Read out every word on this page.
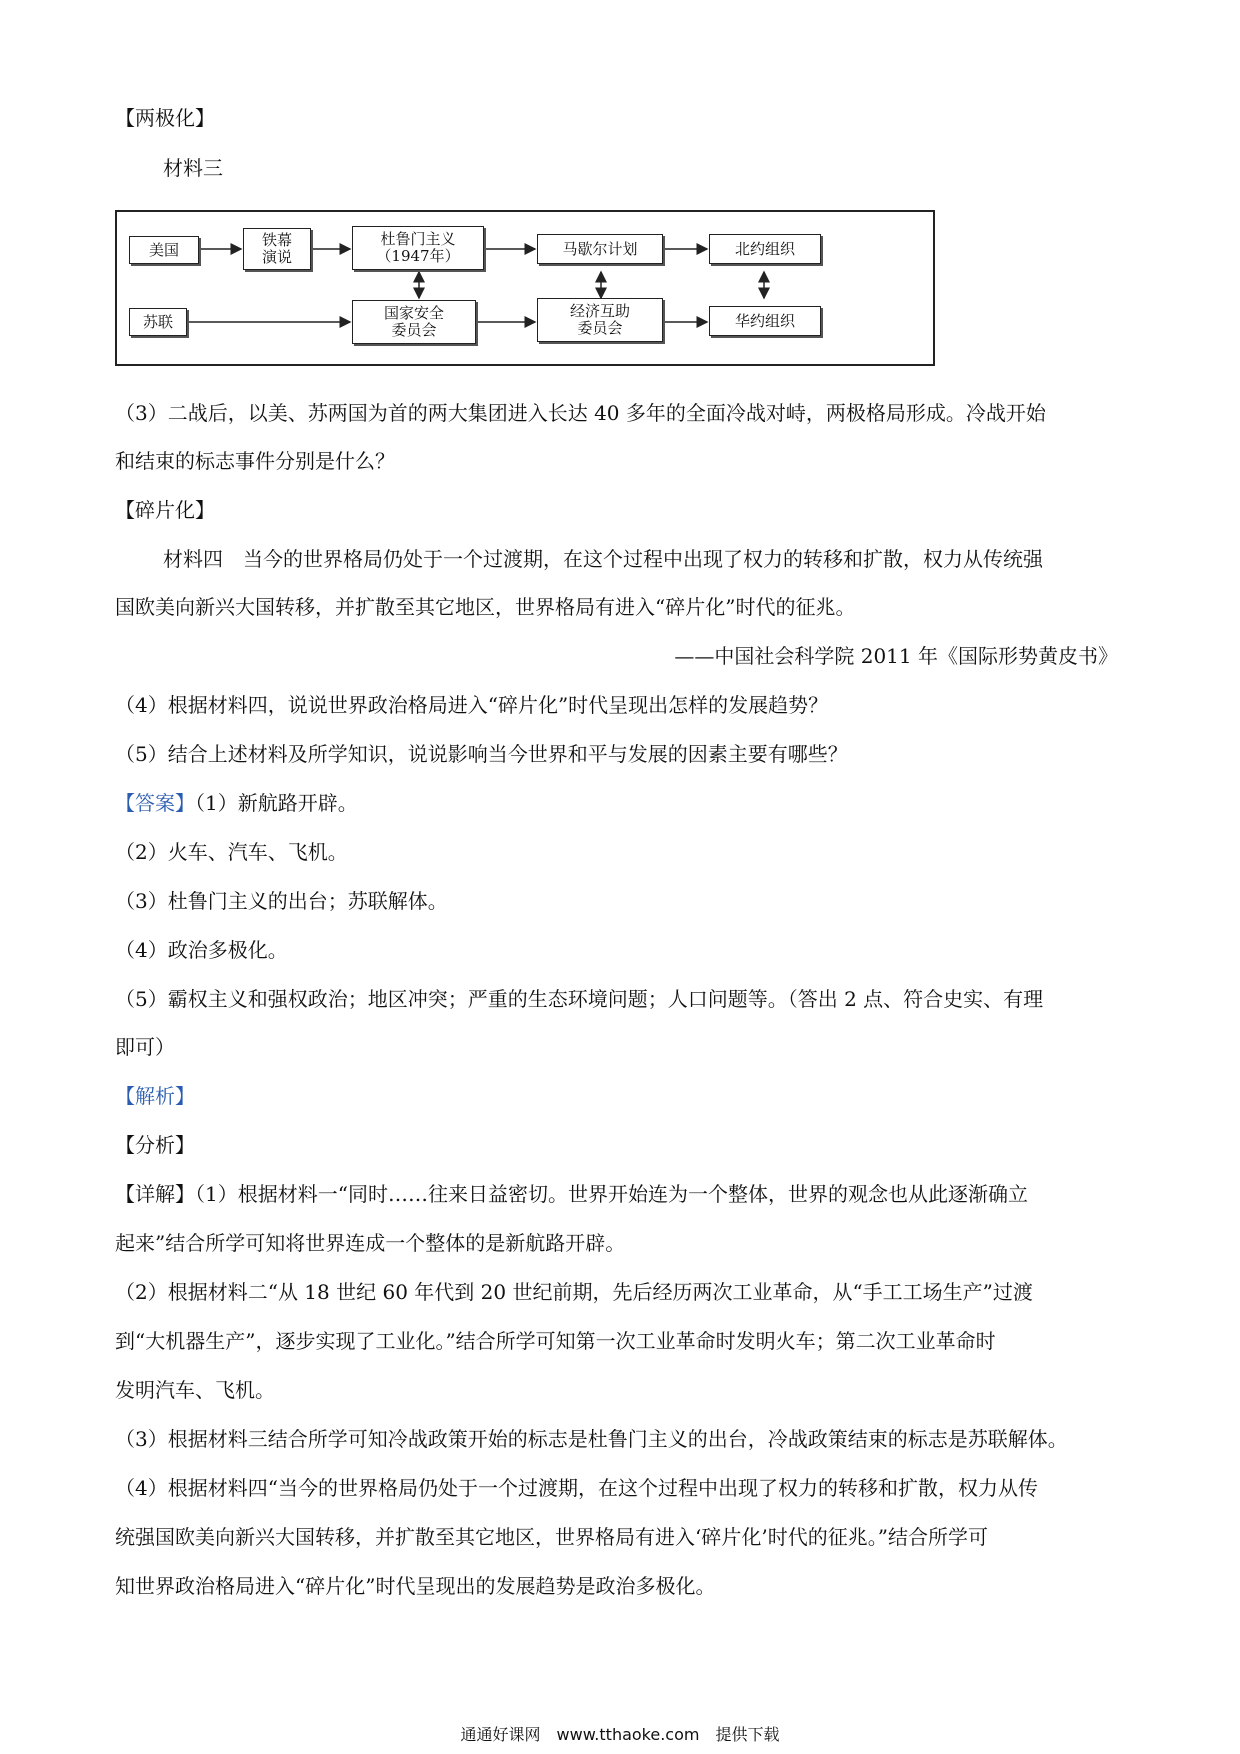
【两极化】
材料三
美国
铁幕
演说
杜鲁门主义
（1947年）	马歇尔计划	北约组织
苏联	国家安全
委员会
经济互助
委员会	华约组织
（3）二战后，以美、苏两国为首的两大集团进入长达 40 多年的全面冷战对峙，两极格局形成。冷战开始
和结束的标志事件分别是什么？
【碎片化】
材料四　当今的世界格局仍处于一个过渡期，在这个过程中出现了权力的转移和扩散，权力从传统强
国欧美向新兴大国转移，并扩散至其它地区，世界格局有进入“碎片化”时代的征兆。
——中国社会科学院 2011 年《国际形势黄皮书》
（4）根据材料四，说说世界政治格局进入“碎片化”时代呈现出怎样的发展趋势？
（5）结合上述材料及所学知识，说说影响当今世界和平与发展的因素主要有哪些？
【答案】（1）新航路开辟。
（2）火车、汽车、飞机。
（3）杜鲁门主义的出台；苏联解体。
（4）政治多极化。
（5）霸权主义和强权政治；地区冲突；严重的生态环境问题；人口问题等。（答出 2 点、符合史实、有理
即可）
【解析】
【分析】
【详解】（1）根据材料一“同时……往来日益密切。世界开始连为一个整体，世界的观念也从此逐渐确立
起来”结合所学可知将世界连成一个整体的是新航路开辟。
（2）根据材料二“从 18 世纪 60 年代到 20 世纪前期，先后经历两次工业革命，从“手工工场生产”过渡
到“大机器生产”，逐步实现了工业化。”结合所学可知第一次工业革命时发明火车；第二次工业革命时
发明汽车、飞机。
（3）根据材料三结合所学可知冷战政策开始的标志是杜鲁门主义的出台，冷战政策结束的标志是苏联解体。
（4）根据材料四“当今的世界格局仍处于一个过渡期，在这个过程中出现了权力的转移和扩散，权力从传
统强国欧美向新兴大国转移，并扩散至其它地区，世界格局有进入‘碎片化’时代的征兆。”结合所学可
知世界政治格局进入“碎片化”时代呈现出的发展趋势是政治多极化。
通通好课网　www.tthaoke.com　提供下载
